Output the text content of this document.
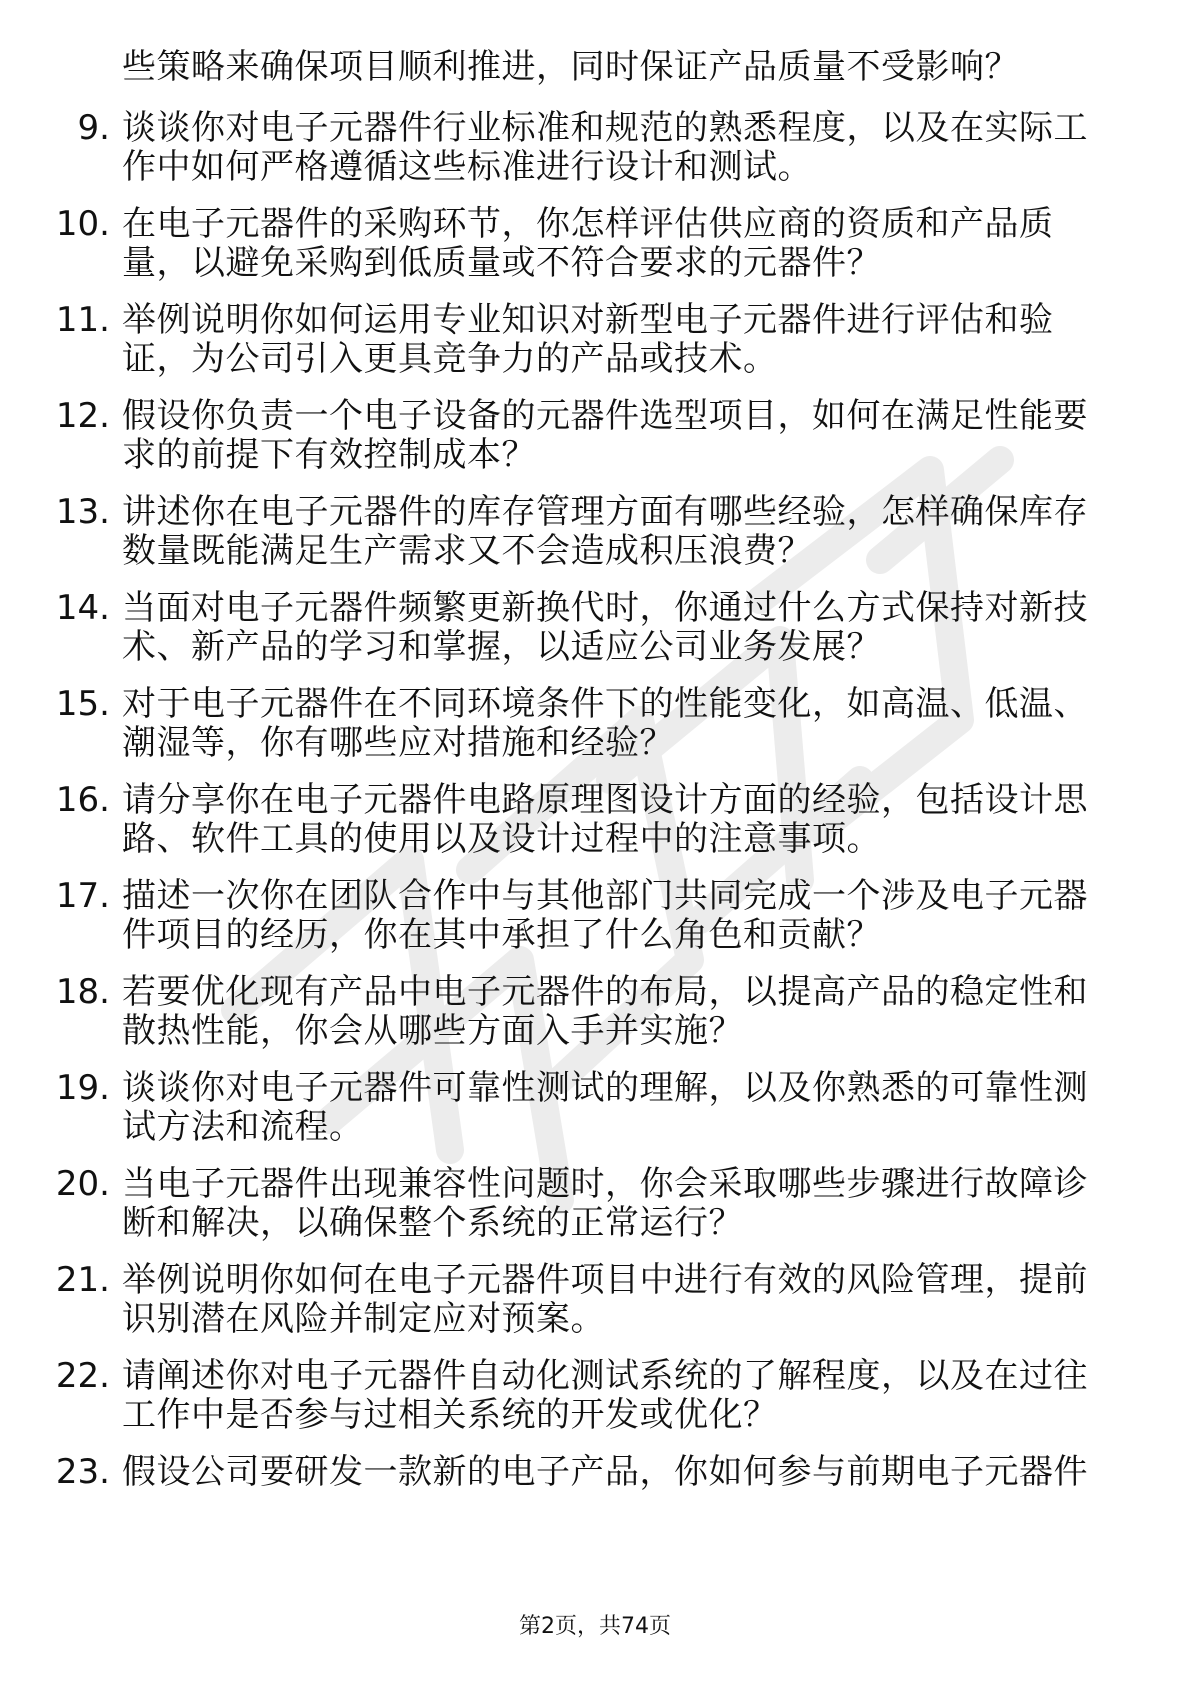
些策略来确保项目顺利推进，同时保证产品质量不受影响？
9. 谈谈你对电子元器件行业标准和规范的熟悉程度，以及在实际工
作中如何严格遵循这些标准进行设计和测试。
10. 在电子元器件的采购环节，你怎样评估供应商的资质和产品质
量，以避免采购到低质量或不符合要求的元器件？
11. 举例说明你如何运用专业知识对新型电子元器件进行评估和验
证，为公司引入更具竞争力的产品或技术。
12. 假设你负责一个电子设备的元器件选型项目，如何在满足性能要
求的前提下有效控制成本？
13. 讲述你在电子元器件的库存管理方面有哪些经验，怎样确保库存
数量既能满足生产需求又不会造成积压浪费？
14. 当面对电子元器件频繁更新换代时，你通过什么方式保持对新技
术、新产品的学习和掌握，以适应公司业务发展？
15. 对于电子元器件在不同环境条件下的性能变化，如高温、低温、
潮湿等，你有哪些应对措施和经验？
16. 请分享你在电子元器件电路原理图设计方面的经验，包括设计思
路、软件工具的使用以及设计过程中的注意事项。
17. 描述一次你在团队合作中与其他部门共同完成一个涉及电子元器
件项目的经历，你在其中承担了什么角色和贡献？
18. 若要优化现有产品中电子元器件的布局，以提高产品的稳定性和
散热性能，你会从哪些方面入手并实施？
19. 谈谈你对电子元器件可靠性测试的理解，以及你熟悉的可靠性测
试方法和流程。
20. 当电子元器件出现兼容性问题时，你会采取哪些步骤进行故障诊
断和解决，以确保整个系统的正常运行？
21. 举例说明你如何在电子元器件项目中进行有效的风险管理，提前
识别潜在风险并制定应对预案。
22. 请阐述你对电子元器件自动化测试系统的了解程度，以及在过往
工作中是否参与过相关系统的开发或优化？
23. 假设公司要研发一款新的电子产品，你如何参与前期电子元器件
第2页，共74页
